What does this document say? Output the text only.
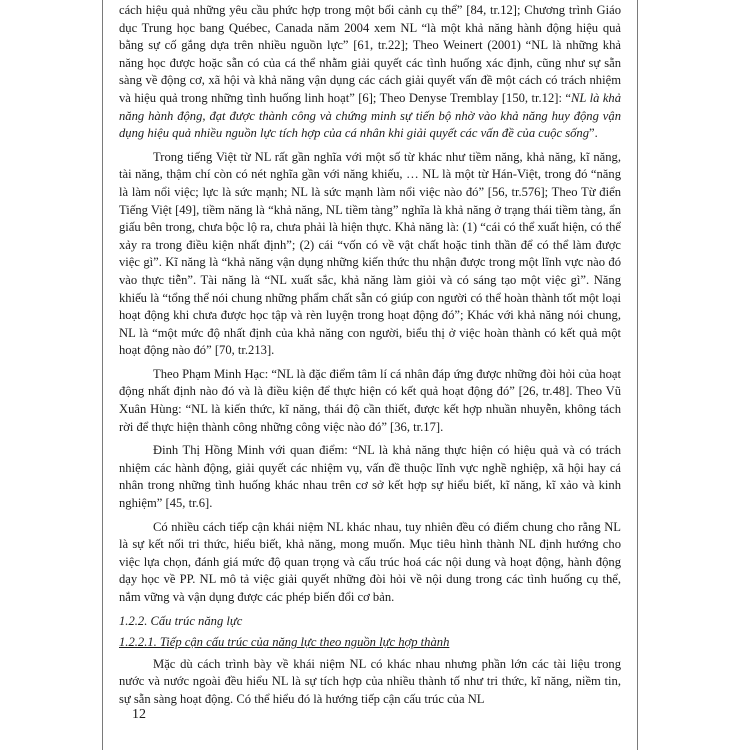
cách hiệu quả những yêu cầu phức hợp trong một bối cảnh cụ thể” [84, tr.12]; Chương trình Giáo dục Trung học bang Québec, Canada năm 2004 xem NL “là một khả năng hành động hiệu quả bằng sự cố gắng dựa trên nhiều nguồn lực” [61, tr.22]; Theo Weinert (2001) “NL là những khả năng học được hoặc sẵn có của cá thể nhằm giải quyết các tình huống xác định, cũng như sự sẵn sàng về động cơ, xã hội và khả năng vận dụng các cách giải quyết vấn đề một cách có trách nhiệm và hiệu quả trong những tình huống linh hoạt” [6]; Theo Denyse Tremblay [150, tr.12]: “NL là khả năng hành động, đạt được thành công và chứng minh sự tiến bộ nhờ vào khả năng huy động vận dụng hiệu quả nhiều nguồn lực tích hợp của cá nhân khi giải quyết các vấn đề của cuộc sống”.

Trong tiếng Việt từ NL rất gần nghĩa với một số từ khác như tiềm năng, khả năng, kĩ năng, tài năng, thậm chí còn có nét nghĩa gần với năng khiếu, … NL là một từ Hán-Việt, trong đó “năng là làm nổi việc; lực là sức mạnh; NL là sức mạnh làm nổi việc nào đó” [56, tr.576]; Theo Từ điển Tiếng Việt [49], tiềm năng là “khả năng, NL tiềm tàng” nghĩa là khả năng ở trạng thái tiềm tàng, ẩn giấu bên trong, chưa bộc lộ ra, chưa phải là hiện thực. Khả năng là: (1) “cái có thể xuất hiện, có thể xảy ra trong điều kiện nhất định”; (2) cái “vốn có về vật chất hoặc tinh thần để có thể làm được việc gì”. Kĩ năng là “khả năng vận dụng những kiến thức thu nhận được trong một lĩnh vực nào đó vào thực tiễn”. Tài năng là “NL xuất sắc, khả năng làm giỏi và có sáng tạo một việc gì”. Năng khiếu là “tổng thể nói chung những phẩm chất sẵn có giúp con người có thể hoàn thành tốt một loại hoạt động khi chưa được học tập và rèn luyện trong hoạt động đó”; Khác với khả năng nói chung, NL là “một mức độ nhất định của khả năng con người, biểu thị ở việc hoàn thành có kết quả một hoạt động nào đó” [70, tr.213].

Theo Phạm Minh Hạc: “NL là đặc điểm tâm lí cá nhân đáp ứng được những đòi hỏi của hoạt động nhất định nào đó và là điều kiện để thực hiện có kết quả hoạt động đó” [26, tr.48]. Theo Vũ Xuân Hùng: “NL là kiến thức, kĩ năng, thái độ cần thiết, được kết hợp nhuần nhuyễn, không tách rời để thực hiện thành công những công việc nào đó” [36, tr.17].

Đinh Thị Hồng Minh với quan điểm: “NL là khả năng thực hiện có hiệu quả và có trách nhiệm các hành động, giải quyết các nhiệm vụ, vấn đề thuộc lĩnh vực nghề nghiệp, xã hội hay cá nhân trong những tình huống khác nhau trên cơ sở kết hợp sự hiểu biết, kĩ năng, kĩ xảo và kinh nghiệm” [45, tr.6].

Có nhiều cách tiếp cận khái niệm NL khác nhau, tuy nhiên đều có điểm chung cho rằng NL là sự kết nối tri thức, hiểu biết, khả năng, mong muốn. Mục tiêu hình thành NL định hướng cho việc lựa chọn, đánh giá mức độ quan trọng và cấu trúc hoá các nội dung và hoạt động, hành động dạy học về PP. NL mô tả việc giải quyết những đòi hỏi về nội dung trong các tình huống cụ thể, nắm vững và vận dụng được các phép biến đổi cơ bản.

1.2.2. Cấu trúc năng lực
1.2.2.1. Tiếp cận cấu trúc của năng lực theo nguồn lực hợp thành

Mặc dù cách trình bày về khái niệm NL có khác nhau nhưng phần lớn các tài liệu trong nước và nước ngoài đều hiểu NL là sự tích hợp của nhiều thành tố như tri thức, kĩ năng, niềm tin, sự sẵn sàng hoạt động. Có thể hiểu đó là hướng tiếp cận cấu trúc của NL

12
